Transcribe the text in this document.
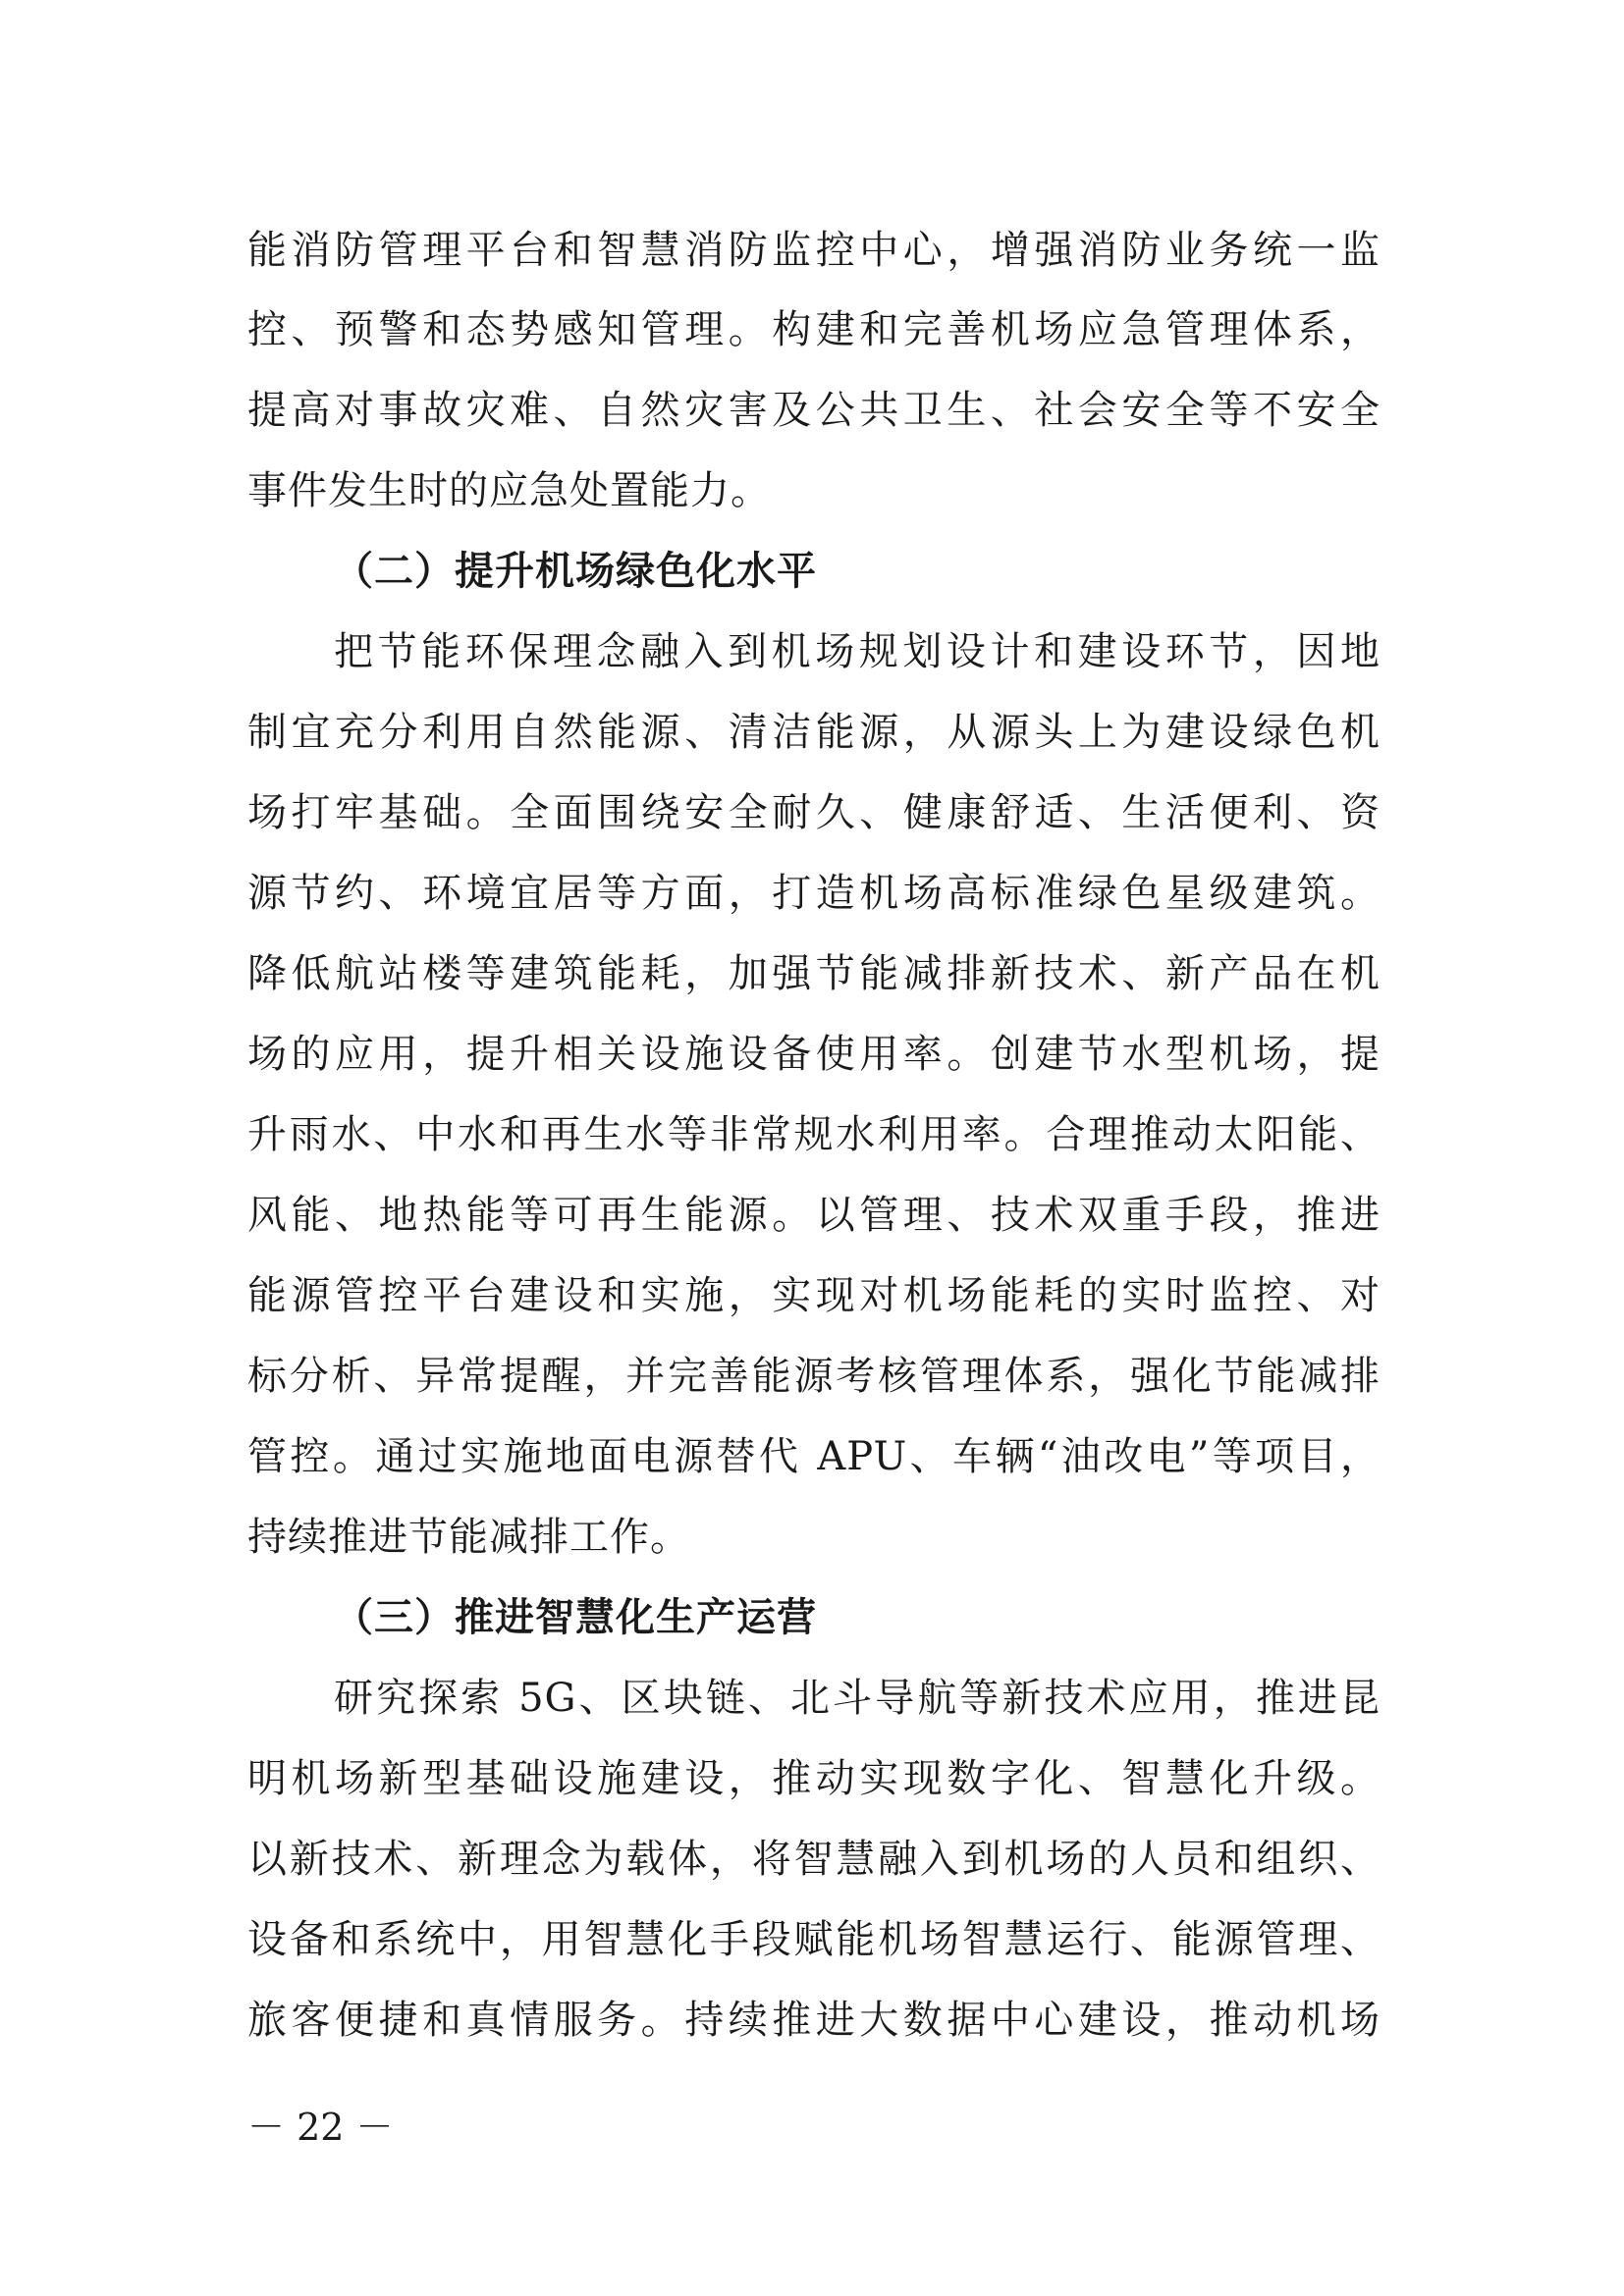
能消防管理平台和智慧消防监控中心，增强消防业务统一监
控、预警和态势感知管理。构建和完善机场应急管理体系，
提高对事故灾难、自然灾害及公共卫生、社会安全等不安全
事件发生时的应急处置能力。
（二）提升机场绿色化水平
把节能环保理念融入到机场规划设计和建设环节，因地
制宜充分利用自然能源、清洁能源，从源头上为建设绿色机
场打牢基础。全面围绕安全耐久、健康舒适、生活便利、资
源节约、环境宜居等方面，打造机场高标准绿色星级建筑。
降低航站楼等建筑能耗，加强节能减排新技术、新产品在机
场的应用，提升相关设施设备使用率。创建节水型机场，提
升雨水、中水和再生水等非常规水利用率。合理推动太阳能、
风能、地热能等可再生能源。以管理、技术双重手段，推进
能源管控平台建设和实施，实现对机场能耗的实时监控、对
标分析、异常提醒，并完善能源考核管理体系，强化节能减排
管控。通过实施地面电源替代 APU、车辆“油改电”等项目，
持续推进节能减排工作。
（三）推进智慧化生产运营
研究探索 5G、区块链、北斗导航等新技术应用，推进昆
明机场新型基础设施建设，推动实现数字化、智慧化升级。
以新技术、新理念为载体，将智慧融入到机场的人员和组织、
设备和系统中，用智慧化手段赋能机场智慧运行、能源管理、
旅客便捷和真情服务。持续推进大数据中心建设，推动机场
－ 22 －
